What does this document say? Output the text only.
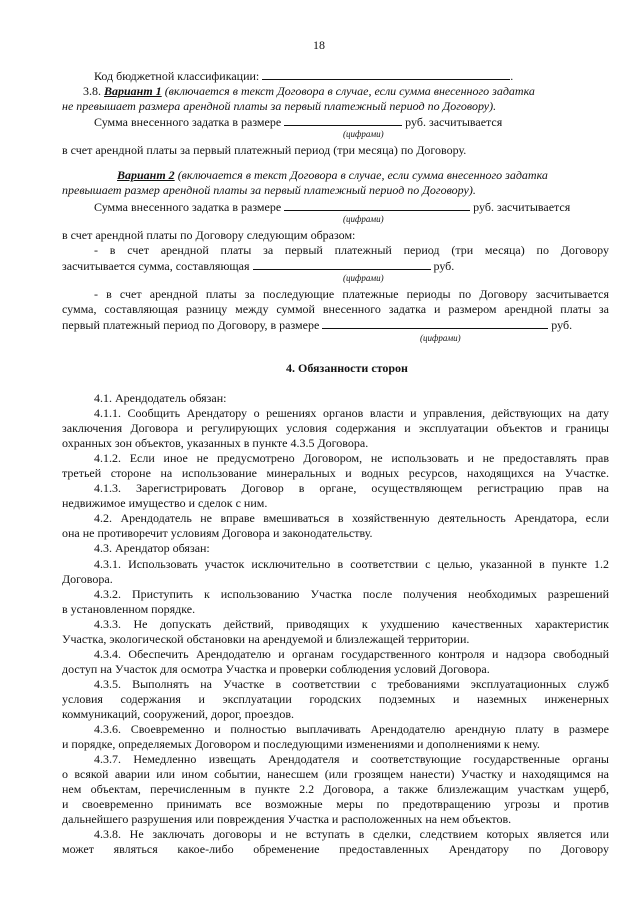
18
Код бюджетной классификации:	.
3.8. Вариант 1 (включается в текст Договора в случае, если сумма внесенного задатка
не превышает размера арендной платы за первый платежный период по Договору).
Сумма внесенного задатка в размере	руб. засчитывается
(цифрами)
в счет арендной платы за первый платежный период (три месяца) по Договору.
Вариант 2 (включается в текст Договора в случае, если сумма внесенного задатка
превышает размер арендной платы за первый платежный период по Договору).
Сумма внесенного задатка в размере	руб. засчитывается
(цифрами)
в счет арендной платы по Договору следующим образом:
- в счет арендной платы за первый платежный период (три месяца) по Договору
засчитывается сумма, составляющая	руб.
(цифрами)
- в счет арендной платы за последующие платежные периоды по Договору засчитывается
сумма, составляющая разницу между суммой внесенного задатка и размером арендной платы за
первый платежный период по Договору, в размере	руб.
(цифрами)
4. Обязанности сторон
4.1. Арендодатель обязан:
4.1.1. Сообщить Арендатору о решениях органов власти и управления, действующих на дату
заключения Договора и регулирующих условия содержания и эксплуатации объектов и границы
охранных зон объектов, указанных в пункте 4.3.5 Договора.
4.1.2. Если иное не предусмотрено Договором, не использовать и не предоставлять прав
третьей стороне на использование минеральных и водных ресурсов, находящихся на Участке.
4.1.3. Зарегистрировать Договор в органе, осуществляющем регистрацию прав на
недвижимое имущество и сделок с ним.
4.2. Арендодатель не вправе вмешиваться в хозяйственную деятельность Арендатора, если
она не противоречит условиям Договора и законодательству.
4.3. Арендатор обязан:
4.3.1. Использовать участок исключительно в соответствии с целью, указанной в пункте 1.2
Договора.
4.3.2. Приступить к использованию Участка после получения необходимых разрешений
в установленном порядке.
4.3.3. Не допускать действий, приводящих к ухудшению качественных характеристик
Участка, экологической обстановки на арендуемой и близлежащей территории.
4.3.4. Обеспечить Арендодателю и органам государственного контроля и надзора свободный
доступ на Участок для осмотра Участка и проверки соблюдения условий Договора.
4.3.5. Выполнять на Участке в соответствии с требованиями эксплуатационных служб
условия содержания и эксплуатации городских подземных и наземных инженерных
коммуникаций, сооружений, дорог, проездов.
4.3.6. Своевременно и полностью выплачивать Арендодателю арендную плату в размере
и порядке, определяемых Договором и последующими изменениями и дополнениями к нему.
4.3.7. Немедленно извещать Арендодателя и соответствующие государственные органы
о всякой аварии или ином событии, нанесшем (или грозящем нанести) Участку и находящимся на
нем объектам, перечисленным в пункте 2.2 Договора, а также близлежащим участкам ущерб,
и своевременно принимать все возможные меры по предотвращению угрозы и против
дальнейшего разрушения или повреждения Участка и расположенных на нем объектов.
4.3.8. Не заключать договоры и не вступать в сделки, следствием которых является или
может являться какое-либо обременение предоставленных Арендатору по Договору
